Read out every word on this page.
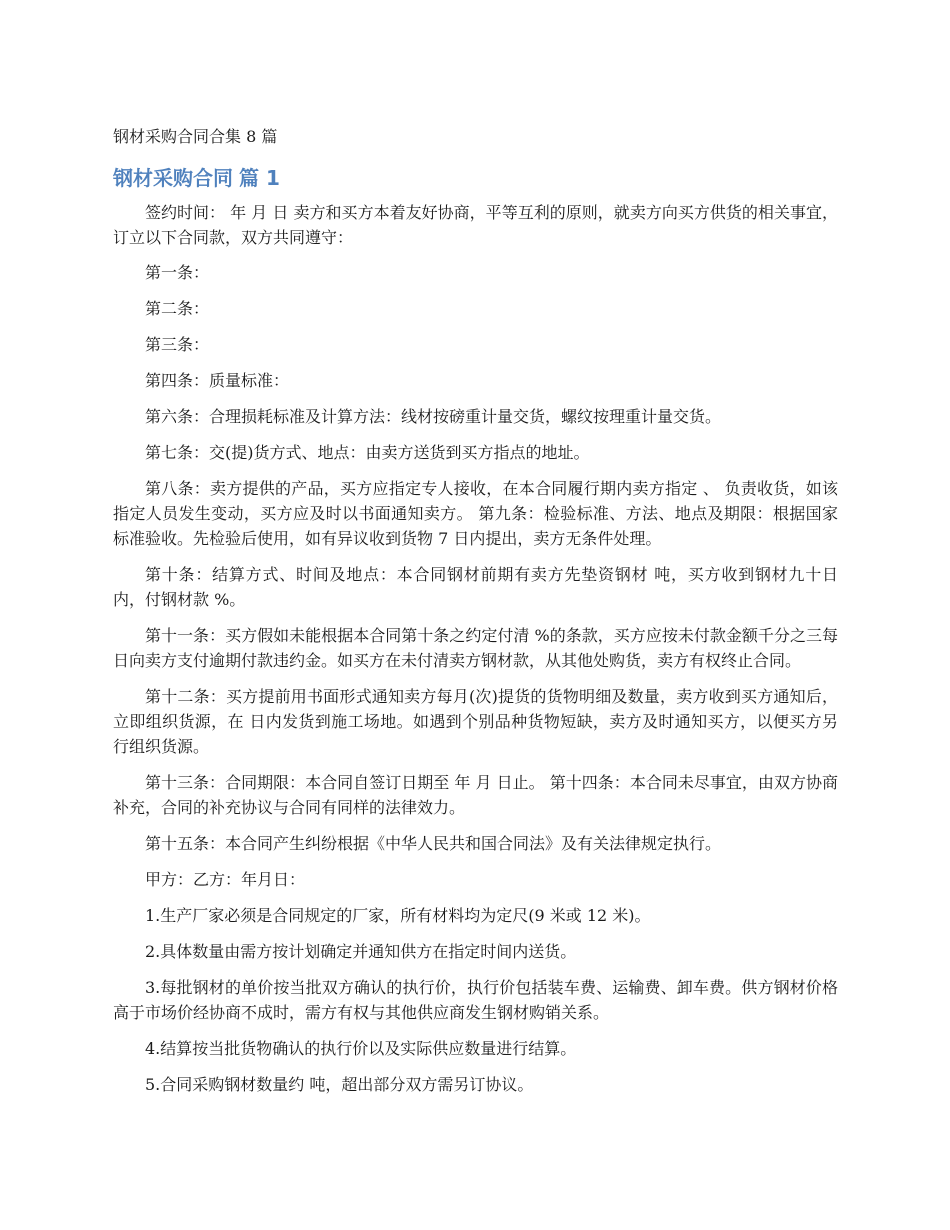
钢材采购合同合集 8 篇
钢材采购合同 篇 1

签约时间： 年 月 日 卖方和买方本着友好协商，平等互利的原则，就卖方向买方供货的相关事宜，订立以下合同款，双方共同遵守：

第一条：

第二条：

第三条：

第四条：质量标准：

第六条：合理损耗标准及计算方法：线材按磅重计量交货，螺纹按理重计量交货。

第七条：交(提)货方式、地点：由卖方送货到买方指点的地址。

第八条：卖方提供的产品，买方应指定专人接收，在本合同履行期内卖方指定 、 负责收货，如该指定人员发生变动，买方应及时以书面通知卖方。 第九条：检验标准、方法、地点及期限：根据国家标准验收。先检验后使用，如有异议收到货物 7 日内提出，卖方无条件处理。

第十条：结算方式、时间及地点：本合同钢材前期有卖方先垫资钢材 吨，买方收到钢材九十日内，付钢材款 %。

第十一条：买方假如未能根据本合同第十条之约定付清 %的条款，买方应按未付款金额千分之三每日向卖方支付逾期付款违约金。如买方在未付清卖方钢材款，从其他处购货，卖方有权终止合同。

第十二条：买方提前用书面形式通知卖方每月(次)提货的货物明细及数量，卖方收到买方通知后，立即组织货源，在 日内发货到施工场地。如遇到个别品种货物短缺，卖方及时通知买方，以便买方另行组织货源。

第十三条：合同期限：本合同自签订日期至 年 月 日止。 第十四条：本合同未尽事宜，由双方协商补充，合同的补充协议与合同有同样的法律效力。

第十五条：本合同产生纠纷根据《中华人民共和国合同法》及有关法律规定执行。

甲方：乙方：年月日：

1.生产厂家必须是合同规定的厂家，所有材料均为定尺(9 米或 12 米)。

2.具体数量由需方按计划确定并通知供方在指定时间内送货。

3.每批钢材的单价按当批双方确认的执行价，执行价包括装车费、运输费、卸车费。供方钢材价格高于市场价经协商不成时，需方有权与其他供应商发生钢材购销关系。

4.结算按当批货物确认的执行价以及实际供应数量进行结算。

5.合同采购钢材数量约 吨，超出部分双方需另订协议。
